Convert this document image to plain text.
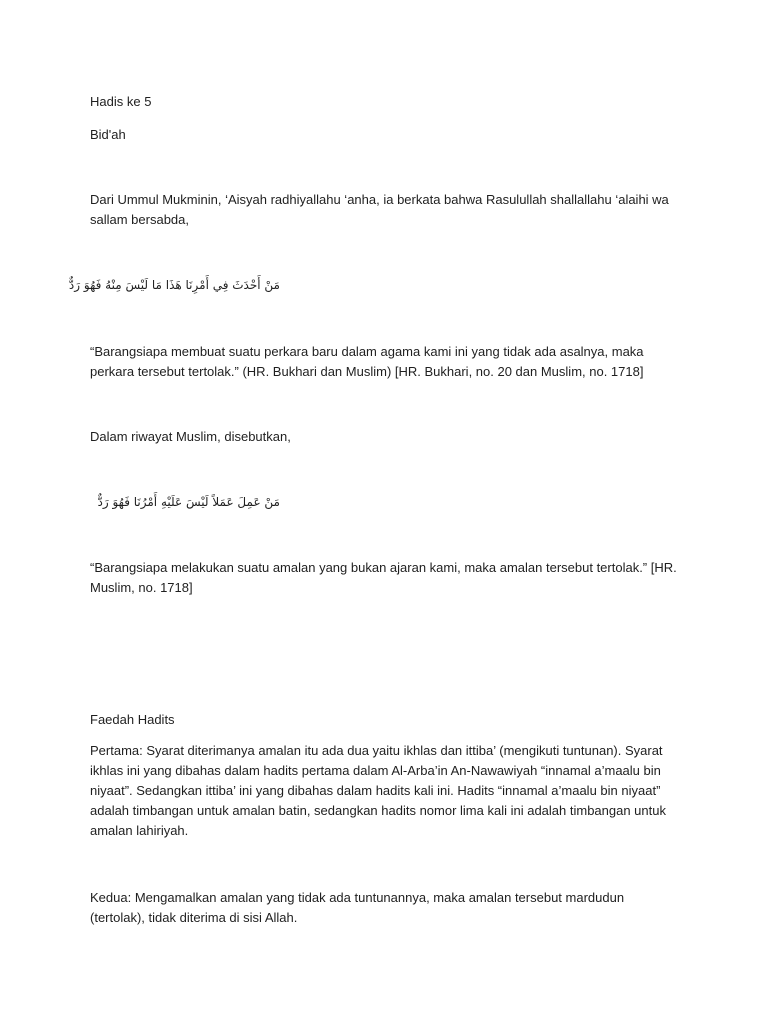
Hadis ke 5
Bid'ah
Dari Ummul Mukminin, ‘Aisyah radhiyallahu ‘anha, ia berkata bahwa Rasulullah shallallahu ‘alaihi wa sallam bersabda,
مَنْ أَحْدَثَ فِي أَمْرِنَا هَذَا مَا لَيْسَ مِنْهُ فَهُوَ رَدٌّ
“Barangsiapa membuat suatu perkara baru dalam agama kami ini yang tidak ada asalnya, maka perkara tersebut tertolak.” (HR. Bukhari dan Muslim) [HR. Bukhari, no. 20 dan Muslim, no. 1718]
Dalam riwayat Muslim, disebutkan,
مَنْ عَمِلَ عَمَلاً لَيْسَ عَلَيْهِ أَمْرُنَا فَهُوَ رَدٌّ
“Barangsiapa melakukan suatu amalan yang bukan ajaran kami, maka amalan tersebut tertolak.” [HR. Muslim, no. 1718]
Faedah Hadits
Pertama: Syarat diterimanya amalan itu ada dua yaitu ikhlas dan ittiba’ (mengikuti tuntunan). Syarat ikhlas ini yang dibahas dalam hadits pertama dalam Al-Arba’in An-Nawawiyah “innamal a’maalu bin niyaat”. Sedangkan ittiba’ ini yang dibahas dalam hadits kali ini. Hadits “innamal a’maalu bin niyaat” adalah timbangan untuk amalan batin, sedangkan hadits nomor lima kali ini adalah timbangan untuk amalan lahiriyah.
Kedua: Mengamalkan amalan yang tidak ada tuntunannya, maka amalan tersebut mardudun (tertolak), tidak diterima di sisi Allah.
